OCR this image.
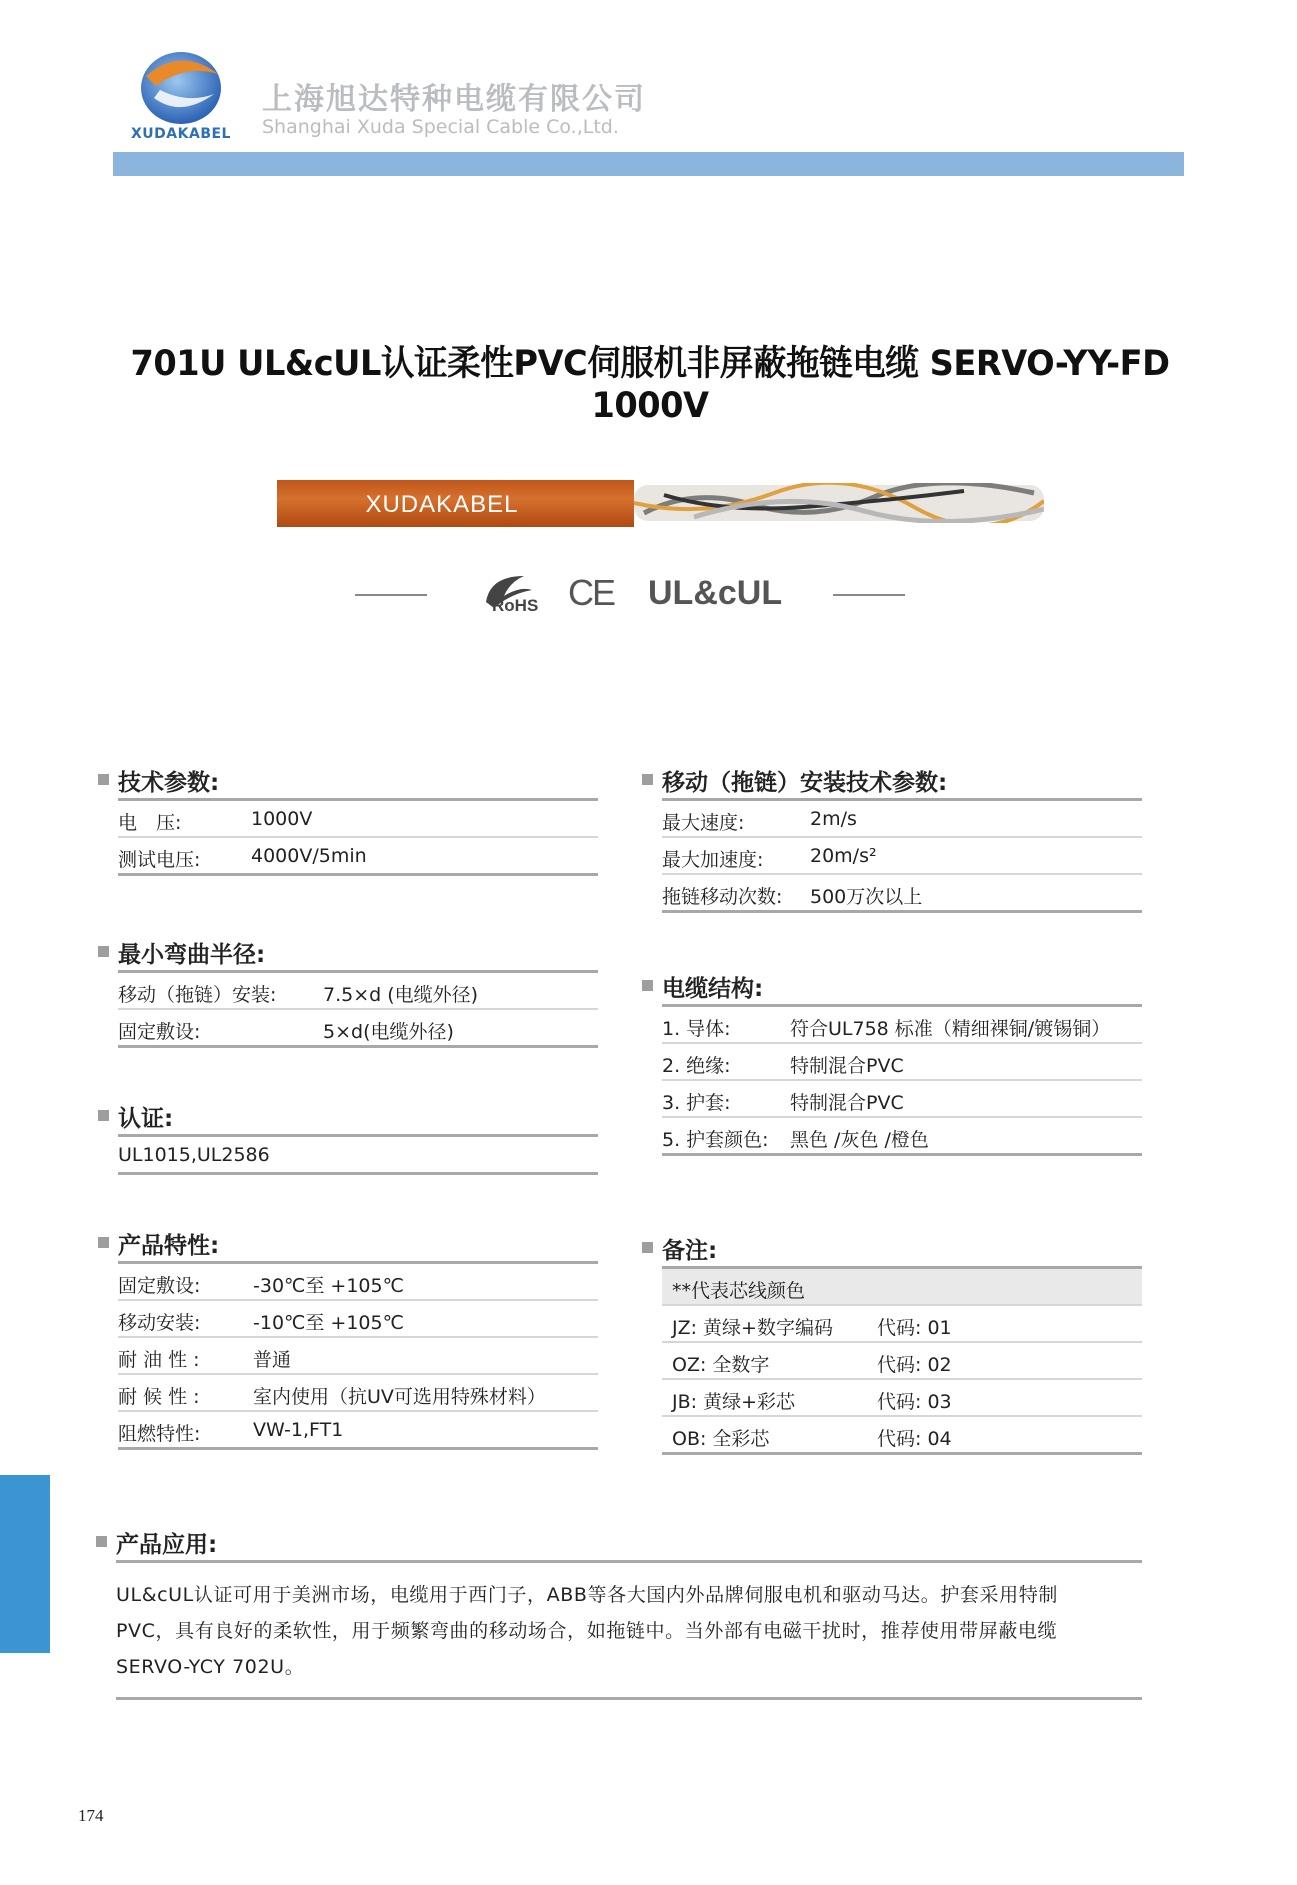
XUDAKABEL
上海旭达特种电缆有限公司
Shanghai Xuda Special Cable Co.,Ltd.
701U UL&cUL认证柔性PVC伺服机非屏蔽拖链电缆 SERVO-YY-FD 1000V
XUDAKABEL
RoHS CE UL&cUL
技术参数:
电　压:	1000V
测试电压:	4000V/5min
最小弯曲半径:
移动（拖链）安装: 7.5×d (电缆外径)
固定敷设:	5×d(电缆外径)
认证:
UL1015,UL2586
产品特性:
固定敷设:	-30℃至 +105℃
移动安装:	-10℃至 +105℃
耐 油 性 :	普通
耐 候 性 :	室内使用（抗UV可选用特殊材料）
阻燃特性:	VW-1,FT1
移动（拖链）安装技术参数:
最大速度:	2m/s
最大加速度: 20m/s²
拖链移动次数: 500万次以上
电缆结构:
1. 导体:	符合UL758 标准（精细裸铜/镀锡铜）
2. 绝缘:	特制混合PVC
3. 护套:	特制混合PVC
5. 护套颜色: 黑色 /灰色 /橙色
备注:
**代表芯线颜色
JZ: 黄绿+数字编码 代码: 01
OZ: 全数字	代码: 02
JB: 黄绿+彩芯	代码: 03
OB: 全彩芯	代码: 04
产品应用:
UL&cUL认证可用于美洲市场，电缆用于西门子，ABB等各大国内外品牌伺服电机和驱动马达。护套采用特制
PVC，具有良好的柔软性，用于频繁弯曲的移动场合，如拖链中。当外部有电磁干扰时，推荐使用带屏蔽电缆
SERVO-YCY 702U。
174
